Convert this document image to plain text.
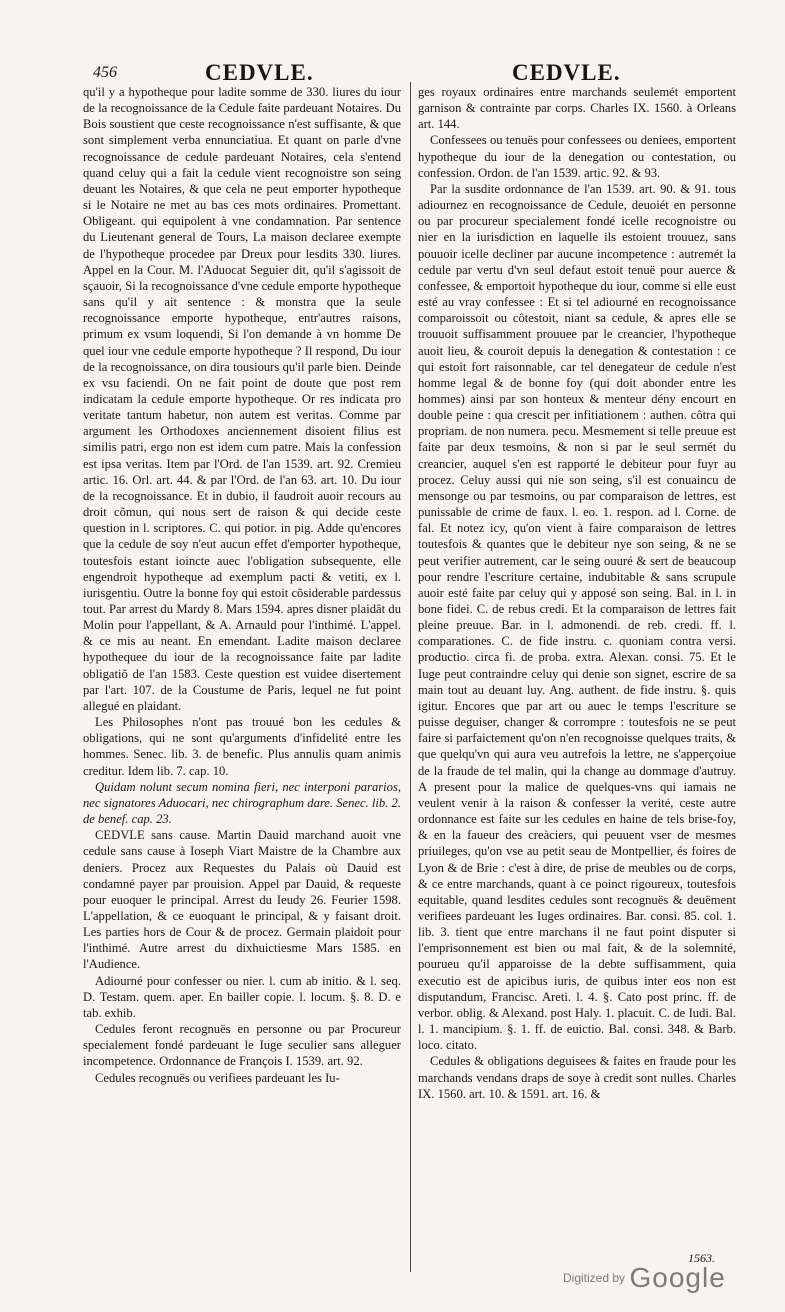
456	CEDVLE.	CEDVLE.

qu'il y a hypotheque pour ladite somme de 330. liures du iour de la recognoissance de la Cedule faite pardeuant Notaires. Du Bois soustient que ceste recognoissance n'est suffisante, & que sont simplement verba ennunciatiua. Et quant on parle d'vne recognoissance de cedule pardeuant Notaires, cela s'entend quand celuy qui a fait la cedule vient recognoistre son seing deuant les Notaires, & que cela ne peut emporter hypotheque si le Notaire ne met au bas ces mots ordinaires. Promettant. Obligeant. qui equipolent à vne condamnation. Par sentence du Lieutenant general de Tours, La maison declaree exempte de l'hypotheque procedee par Dreux pour lesdits 330. liures. Appel en la Cour. M. l'Aduocat Seguier dit, qu'il s'agissoit de sçauoir, Si la recognoissance d'vne cedule emporte hypotheque sans qu'il y ait sentence : & monstra que la seule recognoissance emporte hypotheque, entr'autres raisons, primum ex vsum loquendi, Si l'on demande à vn homme De quel iour vne cedule emporte hypotheque ? Il respond, Du iour de la recognoissance, on dira tousiours qu'il parle bien. Deinde ex vsu faciendi. On ne fait point de doute que post rem indicatam la cedule emporte hypotheque. Or res indicata pro veritate tantum habetur, non autem est veritas. Comme par argument les Orthodoxes anciennement disoient filius est similis patri, ergo non est idem cum patre. Mais la confession est ipsa veritas. Item par l'Ord. de l'an 1539. art. 92. Cremieu artic. 16. Orl. art. 44. & par l'Ord. de l'an 63. art. 10. Du iour de la recognoissance. Et in dubio, il faudroit auoir recours au droit cõmun, qui nous sert de raison & qui decide ceste question in l. scriptores. C. qui potior. in pig. Adde qu'encores que la cedule de soy n'eut aucun effet d'emporter hypotheque, toutesfois estant ioincte auec l'obligation subsequente, elle engendroit hypotheque ad exemplum pacti & vetiti, ex l. iurisgentiu. Outre la bonne foy qui estoit cõsiderable pardessus tout. Par arrest du Mardy 8. Mars 1594. apres disner plaidât du Molin pour l'appellant, & A. Arnauld pour l'inthimé. L'appel. & ce mis au neant. En emendant. Ladite maison declaree hypothequee du iour de la recognoissance faite par ladite obligatiõ de l'an 1583. Ceste question est vuidee disertement par l'art. 107. de la Coustume de Paris, lequel ne fut point allegué en plaidant.

Les Philosophes n'ont pas trouué bon les cedules & obligations, qui ne sont qu'arguments d'infidelité entre les hommes. Senec. lib. 3. de benefic. Plus annulis quam animis creditur. Idem lib. 7. cap. 10.

Quidam nolunt secum nomina fieri, nec interponi pararios, nec signatores Aduocari, nec chirographum dare. Senec. lib. 2. de benef. cap. 23.

CEDVLE sans cause. Martin Dauid marchand auoit vne cedule sans cause à Ioseph Viart Maistre de la Chambre aux deniers. Procez aux Requestes du Palais où Dauid est condamné payer par prouision. Appel par Dauid, & requeste pour euoquer le principal. Arrest du Ieudy 26. Feurier 1598. L'appellation, & ce euoquant le principal, & y faisant droit. Les parties hors de Cour & de procez. Germain plaidoit pour l'inthimé. Autre arrest du dixhuictiesme Mars 1585. en l'Audience.

Adiourné pour confesser ou nier. l. cum ab initio. & l. seq. D. Testam. quem. aper. En bailler copie. l. locum. §. 8. D. e tab. exhib.

Cedules feront recognuës en personne ou par Procureur specialement fondé pardeuant le Iuge seculier sans alleguer incompetence. Ordonnance de François I. 1539. art. 92.

Cedules recognuës ou verifiees pardeuant les Iu-

ges royaux ordinaires entre marchands seulemét emportent garnison & contrainte par corps. Charles IX. 1560. à Orleans art. 144.

Confessees ou tenuës pour confessees ou deniees, emportent hypotheque du iour de la denegation ou contestation, ou confession. Ordon. de l'an 1539. artic. 92. & 93.

Par la susdite ordonnance de l'an 1539. art. 90. & 91. tous adiournez en recognoissance de Cedule, deuoiét en personne ou par procureur specialement fondé icelle recognoistre ou nier en la iurisdiction en laquelle ils estoient trouuez, sans pouuoir icelle decliner par aucune incompetence : autremét la cedule par vertu d'vn seul defaut estoit tenuë pour auerce & confessee, & emportoit hypotheque du iour, comme si elle eust esté au vray confessee : Et si tel adiourné en recognoissance comparoissoit ou côtestoit, niant sa cedule, & apres elle se trouuoit suffisamment prouuee par le creancier, l'hypotheque auoit lieu, & couroit depuis la denegation & contestation : ce qui estoit fort raisonnable, car tel denegateur de cedule n'est homme legal & de bonne foy (qui doit abonder entre les hommes) ainsi par son honteux & menteur dény encourt en double peine : qua crescit per infitiationem : authen. côtra qui propriam. de non numera. pecu. Mesmement si telle preuue est faite par deux tesmoins, & non si par le seul sermét du creancier, auquel s'en est rapporté le debiteur pour fuyr au procez. Celuy aussi qui nie son seing, s'il est conuaincu de mensonge ou par tesmoins, ou par comparaison de lettres, est punissable de crime de faux. l. eo. 1. respon. ad l. Corne. de fal. Et notez icy, qu'on vient à faire comparaison de lettres toutesfois & quantes que le debiteur nye son seing, & ne se peut verifier autrement, car le seing ouuré & sert de beaucoup pour rendre l'escriture certaine, indubitable & sans scrupule auoir esté faite par celuy qui y apposé son seing. Bal. in l. in bone fidei. C. de rebus credi. Et la comparaison de lettres fait pleine preuue. Bar. in l. admonendi. de reb. credi. ff. l. comparationes. C. de fide instru. c. quoniam contra versi. productio. circa fi. de proba. extra. Alexan. consi. 75. Et le Iuge peut contraindre celuy qui denie son signet, escrire de sa main tout au deuant luy. Ang. authent. de fide instru. §. quis igitur. Encores que par art ou auec le temps l'escriture se puisse deguiser, changer & corrompre : toutesfois ne se peut faire si parfaictement qu'on n'en recognoisse quelques traits, & que quelqu'vn qui aura veu autrefois la lettre, ne s'apperçoiue de la fraude de tel malin, qui la change au dommage d'autruy. A present pour la malice de quelques-vns qui iamais ne veulent venir à la raison & confesser la verité, ceste autre ordonnance est faite sur les cedules en haine de tels brise-foy, & en la faueur des creàciers, qui peuuent vser de mesmes priuileges, qu'on vse au petit seau de Montpellier, és foires de Lyon & de Brie : c'est à dire, de prise de meubles ou de corps, & ce entre marchands, quant à ce poinct rigoureux, toutesfois equitable, quand lesdites cedules sont recognuës & deuëment verifiees pardeuant les Iuges ordinaires. Bar. consi. 85. col. 1. lib. 3. tient que entre marchans il ne faut point disputer si l'emprisonnement est bien ou mal fait, & de la solemnité, pourueu qu'il apparoisse de la debte suffisamment, quia executio est de apicibus iuris, de quibus inter eos non est disputandum, Francisc. Areti. l. 4. §. Cato post princ. ff. de verbor. oblig. & Alexand. post Haly. 1. placuit. C. de Iudi. Bal. l. 1. mancipium. §. 1. ff. de euictio. Bal. consi. 348. & Barb. loco. citato.

Cedules & obligations deguisees & faites en fraude pour les marchands vendans draps de soye à credit sont nulles. Charles IX. 1560. art. 10. & 1591. art. 16. &

1563.
Digitized by Google
